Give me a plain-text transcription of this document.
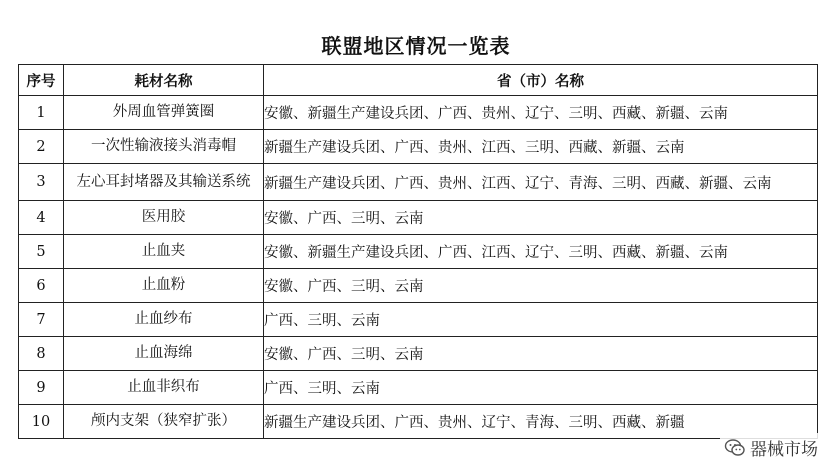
联盟地区情况一览表
序号	耗材名称	省（市）名称
1	外周血管弹簧圈	安徽、新疆生产建设兵团、广西、贵州、辽宁、三明、西藏、新疆、云南
2	一次性输液接头消毒帽	新疆生产建设兵团、广西、贵州、江西、三明、西藏、新疆、云南
3	左心耳封堵器及其输送系统	新疆生产建设兵团、广西、贵州、江西、辽宁、青海、三明、西藏、新疆、云南
4	医用胶	安徽、广西、三明、云南
5	止血夹	安徽、新疆生产建设兵团、广西、江西、辽宁、三明、西藏、新疆、云南
6	止血粉	安徽、广西、三明、云南
7	止血纱布	广西、三明、云南
8	止血海绵	安徽、广西、三明、云南
9	止血非织布	广西、三明、云南
10	颅内支架（狭窄扩张）	新疆生产建设兵团、广西、贵州、辽宁、青海、三明、西藏、新疆
器械市场
